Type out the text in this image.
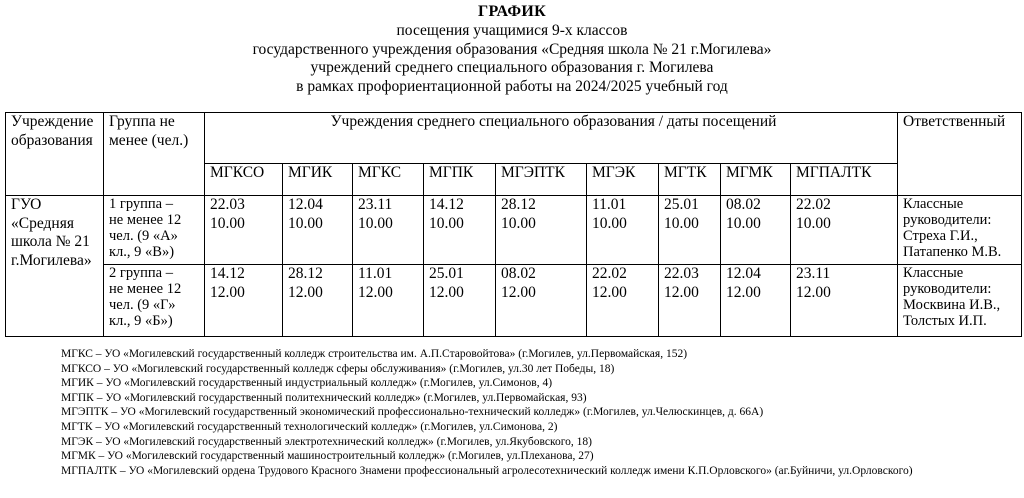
ГРАФИК
посещения учащимися 9-х классов
государственного учреждения образования «Средняя школа № 21 г.Могилева»
учреждений среднего специального образования г. Могилева
в рамках профориентационной работы на 2024/2025 учебный год
Учреждение
образования	Группа не
менее (чел.)	Учреждения среднего специального образования / даты посещений									Ответственный
		МГКСО	МГИК	МГКС	МГПК	МГЭПТК	МГЭК	МГТК	МГМК	МГПАЛТК	

ГУО
«Средняя
школа № 21
г.Могилева»	1 группа –
не менее 12
чел. (9 «А»
кл., 9 «В»)	22.03
10.00	12.04
10.00	23.11
10.00	14.12
10.00	28.12
10.00	11.01
10.00	25.01
10.00	08.02
10.00	22.02
10.00	Классные
руководители:
Стреха Г.И.,
Патапенко М.В.

	2 группа –
не менее 12
чел. (9 «Г»
кл., 9 «Б»)	14.12
12.00	28.12
12.00	11.01
12.00	25.01
12.00	08.02
12.00	22.02
12.00	22.03
12.00	12.04
12.00	23.11
12.00	Классные
руководители:
Москвина И.В.,
Толстых И.П.
МГКС – УО «Могилевский государственный колледж строительства им. А.П.Старовойтова» (г.Могилев, ул.Первомайская, 152)
МГКСО – УО «Могилевский государственный колледж сферы обслуживания» (г.Могилев, ул.30 лет Победы, 18)
МГИК – УО «Могилевский государственный индустриальный колледж» (г.Могилев, ул.Симонов, 4)
МГПК – УО «Могилевский государственный политехнический колледж» (г.Могилев, ул.Первомайская, 93)
МГЭПТК – УО «Могилевский государственный экономический профессионально-технический колледж» (г.Могилев, ул.Челюскинцев, д. 66А)
МГТК – УО «Могилевский государственный технологический колледж» (г.Могилев, ул.Симонова, 2)
МГЭК – УО «Могилевский государственный электротехнический колледж» (г.Могилев, ул.Якубовского, 18)
МГМК – УО «Могилевский государственный машиностроительный колледж» (г.Могилев, ул.Плеханова, 27)
МГПАЛТК – УО «Могилевский ордена Трудового Красного Знамени профессиональный агролесотехнический колледж имени К.П.Орловского» (аг.Буйничи, ул.Орловского)
